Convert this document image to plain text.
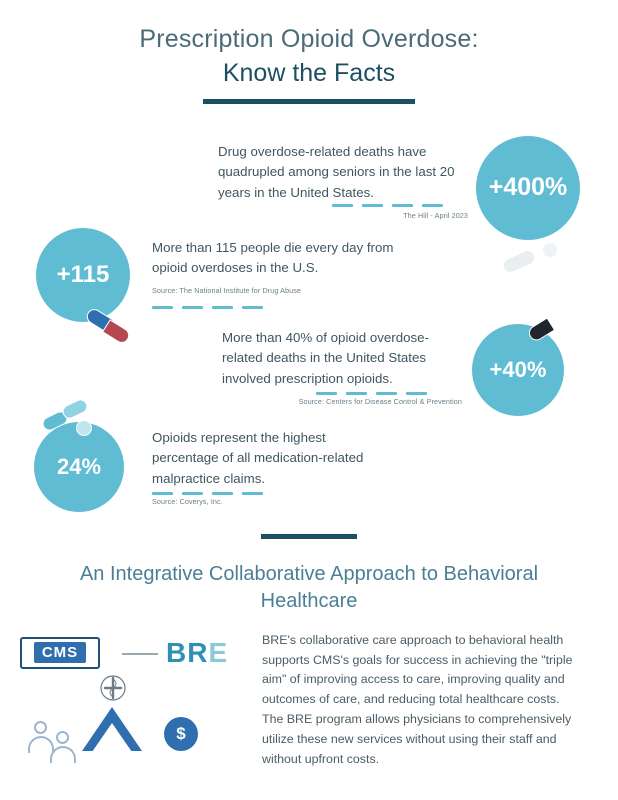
Prescription Opioid Overdose:
Know the Facts
+400%
Drug overdose-related deaths have quadrupled among seniors in the last 20 years in the United States.
The Hill - April 2023
+115
More than 115 people die every day from opioid overdoses in the U.S.
Source: The National Institute for Drug Abuse
+40%
More than 40% of opioid overdose-related deaths in the United States involved prescription opioids.
Source: Centers for Disease Control & Prevention
24%
Opioids represent the highest percentage of all medication-related malpractice claims.
Source: Coverys, Inc.
An Integrative Collaborative Approach to Behavioral Healthcare
CMS	BRE
$
BRE's collaborative care approach to behavioral health supports CMS's goals for success in achieving the "triple aim" of improving access to care, improving quality and outcomes of care, and reducing total healthcare costs. The BRE program allows physicians to comprehensively utilize these new services without using their staff and without upfront costs.
